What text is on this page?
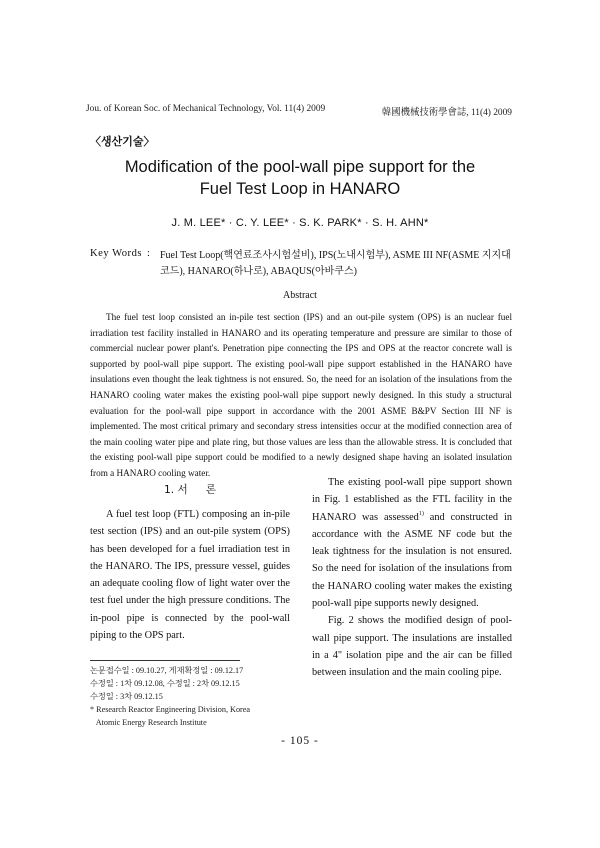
Jou. of Korean Soc. of Mechanical Technology, Vol. 11(4) 2009	韓國機械技術學會誌, 11(4) 2009
〈생산기술〉
Modification of the pool-wall pipe support for the
Fuel Test Loop in HANARO
J. M. LEE* · C. Y. LEE* · S. K. PARK* · S. H. AHN*
Key Words : Fuel Test Loop(핵연료조사시험설비), IPS(노내시험부), ASME III NF(ASME 지지대 코드), HANARO(하나로), ABAQUS(아바쿠스)
Abstract
The fuel test loop consisted an in-pile test section (IPS) and an out-pile system (OPS) is an nuclear fuel irradiation test facility installed in HANARO and its operating temperature and pressure are similar to those of commercial nuclear power plant's. Penetration pipe connecting the IPS and OPS at the reactor concrete wall is supported by pool-wall pipe support. The existing pool-wall pipe support established in the HANARO have insulations even thought the leak tightness is not ensured. So, the need for an isolation of the insulations from the HANARO cooling water makes the existing pool-wall pipe support newly designed. In this study a structural evaluation for the pool-wall pipe support in accordance with the 2001 ASME B&PV Section III NF is implemented. The most critical primary and secondary stress intensities occur at the modified connection area of the main cooling water pipe and plate ring, but those values are less than the allowable stress. It is concluded that the existing pool-wall pipe support could be modified to a newly designed shape having an isolated insulation from a HANARO cooling water.
1. 서 론
A fuel test loop (FTL) composing an in-pile test section (IPS) and an out-pile system (OPS) has been developed for a fuel irradiation test in the HANARO. The IPS, pressure vessel, guides an adequate cooling flow of light water over the test fuel under the high pressure conditions. The in-pool pipe is connected by the pool-wall piping to the OPS part.

The existing pool-wall pipe support shown in Fig. 1 established as the FTL facility in the HANARO was assessed$^{1)}$ and constructed in accordance with the ASME NF code but the leak tightness for the insulation is not ensured. So the need for isolation of the insulations from the HANARO cooling water makes the existing pool-wall pipe supports newly designed.

Fig. 2 shows the modified design of pool-wall pipe support. The insulations are installed in a 4" isolation pipe and the air can be filled between insulation and the main cooling pipe.

논문접수일 : 09.10.27, 게재확정일 : 09.12.17
수정일 : 1차 09.12.08, 수정일 : 2차 09.12.15
수정일 : 3차 09.12.15
* Research Reactor Engineering Division, Korea
Atomic Energy Research Institute
- 105 -
